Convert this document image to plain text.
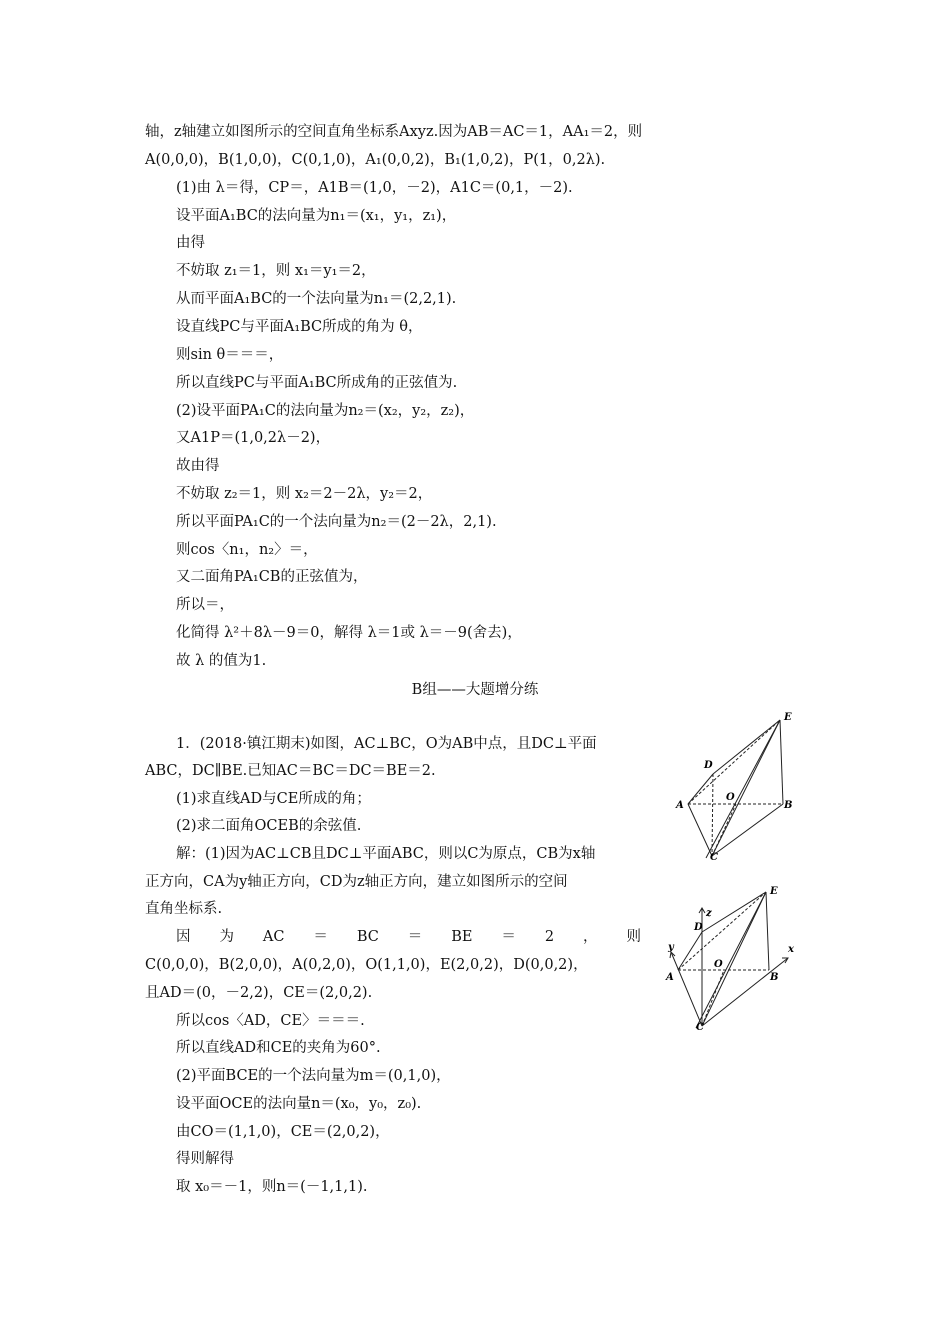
轴，z轴建立如图所示的空间直角坐标系Axyz.因为AB＝AC＝1，AA₁＝2，则
A(0,0,0)，B(1,0,0)，C(0,1,0)，A₁(0,0,2)，B₁(1,0,2)，P(1，0,2λ).
(1)由 λ＝得，CP＝，A1B＝(1,0，－2)，A1C＝(0,1，－2).
设平面A₁BC的法向量为n₁＝(x₁，y₁，z₁)，
由得
不妨取 z₁＝1，则 x₁＝y₁＝2，
从而平面A₁BC的一个法向量为n₁＝(2,2,1).
设直线PC与平面A₁BC所成的角为 θ，
则sin θ＝＝＝，
所以直线PC与平面A₁BC所成角的正弦值为.
(2)设平面PA₁C的法向量为n₂＝(x₂，y₂，z₂)，
又A1P＝(1,0,2λ－2)，
故由得
不妨取 z₂＝1，则 x₂＝2－2λ，y₂＝2，
所以平面PA₁C的一个法向量为n₂＝(2－2λ，2,1).
则cos〈n₁，n₂〉＝，
又二面角PA₁CB的正弦值为，
所以＝，
化简得 λ²＋8λ－9＝0，解得 λ＝1或 λ＝－9(舍去)，
故 λ 的值为1.
B组——大题增分练
1．(2018·镇江期末)如图，AC⊥BC，O为AB中点，且DC⊥平面
ABC，DC∥BE.已知AC＝BC＝DC＝BE＝2.
(1)求直线AD与CE所成的角；
(2)求二面角OCEB的余弦值.
解：(1)因为AC⊥CB且DC⊥平面ABC，则以C为原点，CB为x轴
正方向，CA为y轴正方向，CD为z轴正方向，建立如图所示的空间
直角坐标系.
因 为 AC ＝ BC ＝ BE ＝ 2 ， 则
C(0,0,0)，B(2,0,0)，A(0,2,0)，O(1,1,0)，E(2,0,2)，D(0,0,2)，
且AD＝(0，－2,2)，CE＝(2,0,2).
所以cos〈AD，CE〉＝＝＝.
所以直线AD和CE的夹角为60°.
(2)平面BCE的一个法向量为m＝(0,1,0)，
设平面OCE的法向量n＝(x₀，y₀，z₀).
由CO＝(1,1,0)，CE＝(2,0,2)，
得则解得
取 x₀＝－1，则n＝(－1,1,1).
E
D
A
O
B
C
E
z
D
y
A
O
x
B
C
